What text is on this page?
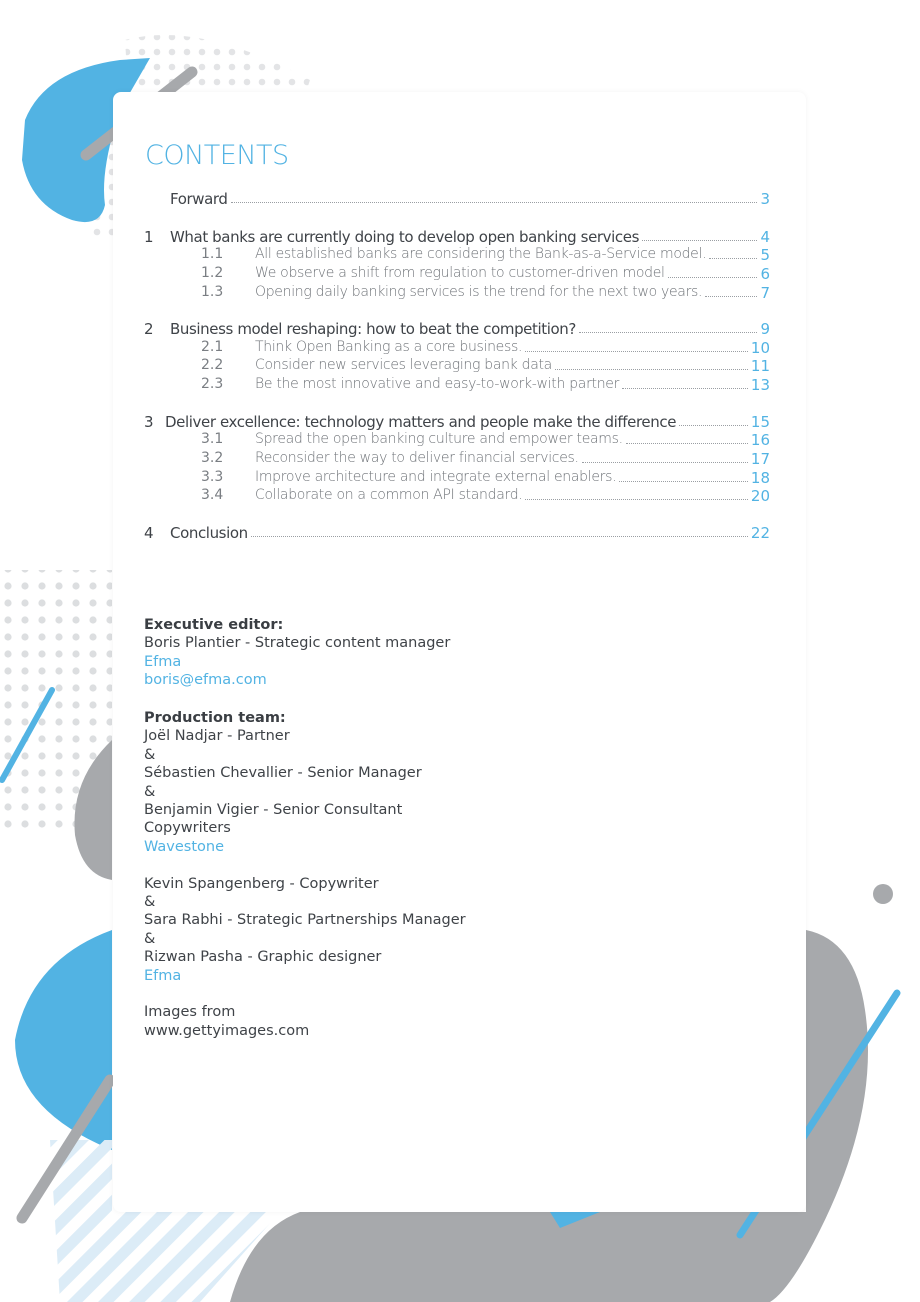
CONTENTS
Forward	3
1 What banks are currently doing to develop open banking services	4
1.1 All established banks are considering the Bank-as-a-Service model.	5
1.2 We observe a shift from regulation to customer-driven model	6
1.3 Opening daily banking services is the trend for the next two years.	7
2 Business model reshaping: how to beat the competition?	9
2.1 Think Open Banking as a core business.	10
2.2 Consider new services leveraging bank data	11
2.3 Be the most innovative and easy-to-work-with partner	13
3 Deliver excellence: technology matters and people make the difference	15
3.1 Spread the open banking culture and empower teams.	16
3.2 Reconsider the way to deliver financial services.	17
3.3 Improve architecture and integrate external enablers.	18
3.4 Collaborate on a common API standard.	20
4 Conclusion	22
Executive editor:
Boris Plantier - Strategic content manager
Efma
boris@efma.com
Production team:
Joël Nadjar - Partner
&
Sébastien Chevallier - Senior Manager
&
Benjamin Vigier - Senior Consultant
Copywriters
Wavestone
Kevin Spangenberg - Copywriter
&
Sara Rabhi - Strategic Partnerships Manager
&
Rizwan Pasha - Graphic designer
Efma
Images from
www.gettyimages.com
